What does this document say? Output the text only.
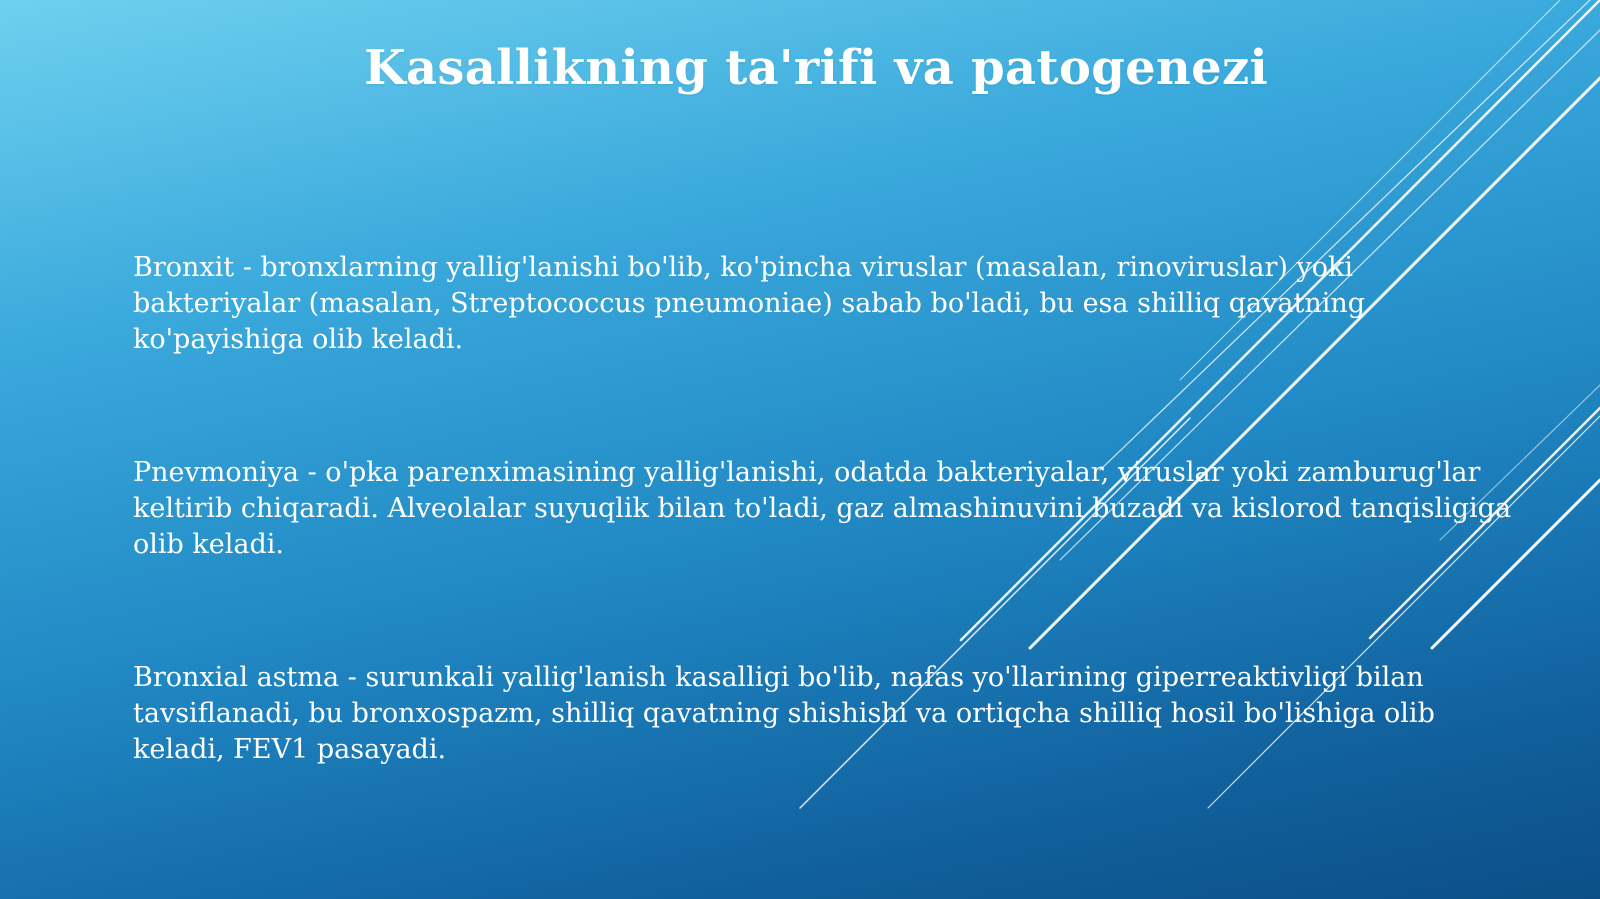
Kasallikning ta'rifi va patogenezi

Bronxit - bronxlarning yallig'lanishi bo'lib, ko'pincha viruslar (masalan, rinoviruslar) yoki bakteriyalar (masalan, Streptococcus pneumoniae) sabab bo'ladi, bu esa shilliq qavatning ko'payishiga olib keladi.

Pnevmoniya - o'pka parenximasining yallig'lanishi, odatda bakteriyalar, viruslar yoki zamburug'lar keltirib chiqaradi. Alveolalar suyuqlik bilan to'ladi, gaz almashinuvini buzadi va kislorod tanqisligiga olib keladi.

Bronxial astma - surunkali yallig'lanish kasalligi bo'lib, nafas yo'llarining giperreaktivligi bilan tavsiflanadi, bu bronxospazm, shilliq qavatning shishishi va ortiqcha shilliq hosil bo'lishiga olib keladi, FEV1 pasayadi.
